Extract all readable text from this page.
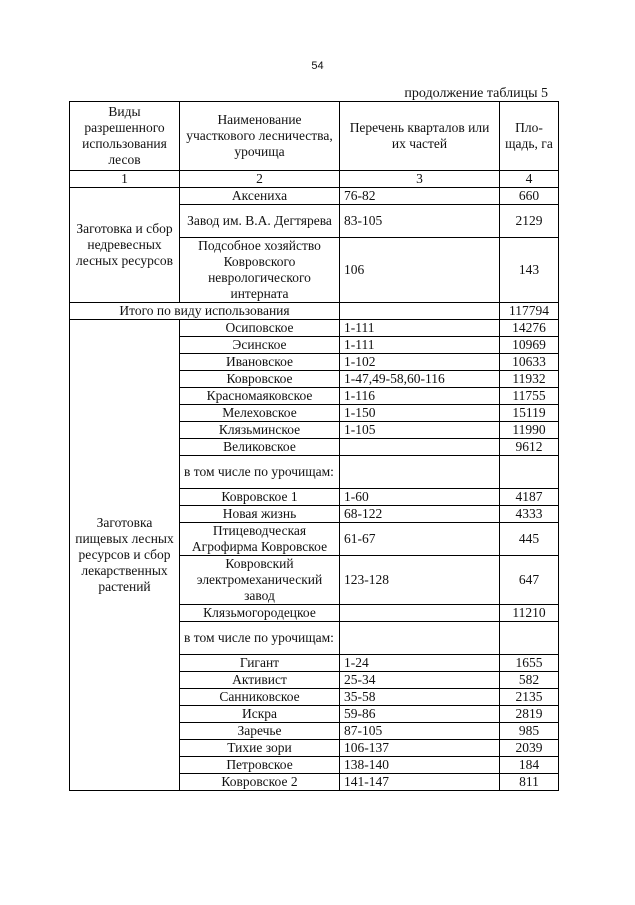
54
продолжение таблицы 5
Виды разрешенного использования лесов	Наименование участкового лесничества, урочища	Перечень кварталов или их частей	Пло-щадь, га
1	2	3	4
Заготовка и сбор недревесных лесных ресурсов	Аксениха	76-82	660
	Завод им. В.А. Дегтярева	83-105	2129
	Подсобное хозяйство Ковровского неврологического интерната	106	143
Итого по виду использования			117794
Заготовка пищевых лесных ресурсов и сбор лекарственных растений	Осиповское	1-111	14276
	Эсинское	1-111	10969
	Ивановское	1-102	10633
	Ковровское	1-47,49-58,60-116	11932
	Красномаяковское	1-116	11755
	Мелеховское	1-150	15119
	Клязьминское	1-105	11990
	Великовское		9612
	в том числе по урочищам:		
	Ковровское 1	1-60	4187
	Новая жизнь	68-122	4333
	Птицеводческая Агрофирма Ковровское	61-67	445
	Ковровский электромеханический завод	123-128	647
	Клязьмогородецкое		11210
	в том числе по урочищам:		
	Гигант	1-24	1655
	Активист	25-34	582
	Санниковское	35-58	2135
	Искра	59-86	2819
	Заречье	87-105	985
	Тихие зори	106-137	2039
	Петровское	138-140	184
	Ковровское 2	141-147	811
